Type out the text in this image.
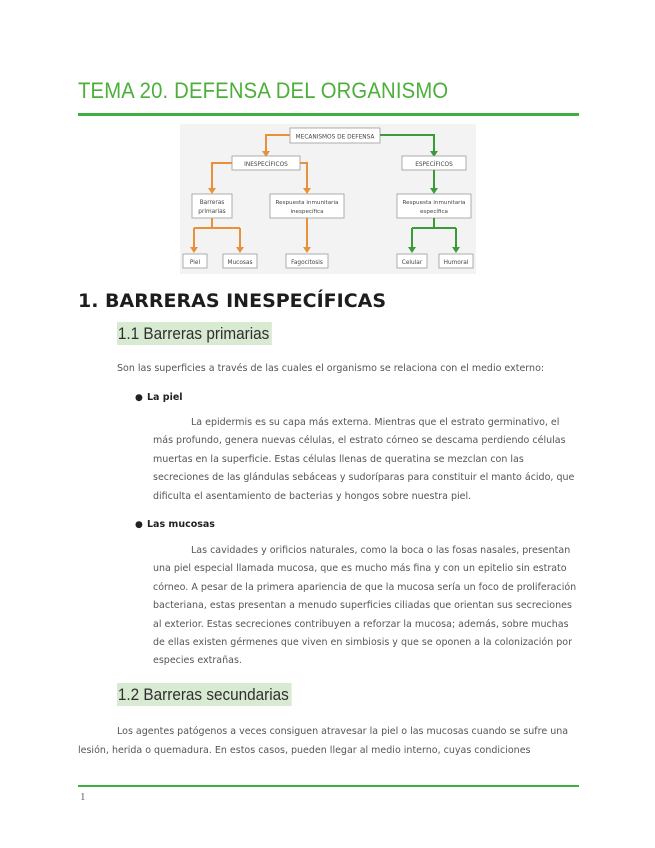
TEMA 20. DEFENSA DEL ORGANISMO
MECANISMOS DE DEFENSA
INESPECÍFICOS	ESPECÍFICOS
Barreras
primarias
Respuesta inmunitaria
inespecífica
Respuesta inmunitaria
específica
Piel	Mucosas	Fagocitosis	Celular	Humoral
1. BARRERAS INESPECÍFICAS
1.1 Barreras primarias
Son las superficies a través de las cuales el organismo se relaciona con el medio externo:
● La piel

La epidermis es su capa más externa. Mientras que el estrato germinativo, el más profundo, genera nuevas células, el estrato córneo se descama perdiendo células muertas en la superficie. Estas células llenas de queratina se mezclan con las secreciones de las glándulas sebáceas y sudoríparas para constituir el manto ácido, que dificulta el asentamiento de bacterias y hongos sobre nuestra piel.

● Las mucosas

Las cavidades y orificios naturales, como la boca o las fosas nasales, presentan una piel especial llamada mucosa, que es mucho más fina y con un epitelio sin estrato córneo. A pesar de la primera apariencia de que la mucosa sería un foco de proliferación bacteriana, estas presentan a menudo superficies ciliadas que orientan sus secreciones al exterior. Estas secreciones contribuyen a reforzar la mucosa; además, sobre muchas de ellas existen gérmenes que viven en simbiosis y que se oponen a la colonización por especies extrañas.

1.2 Barreras secundarias

Los agentes patógenos a veces consiguen atravesar la piel o las mucosas cuando se sufre una lesión, herida o quemadura. En estos casos, pueden llegar al medio interno, cuyas condiciones

1
